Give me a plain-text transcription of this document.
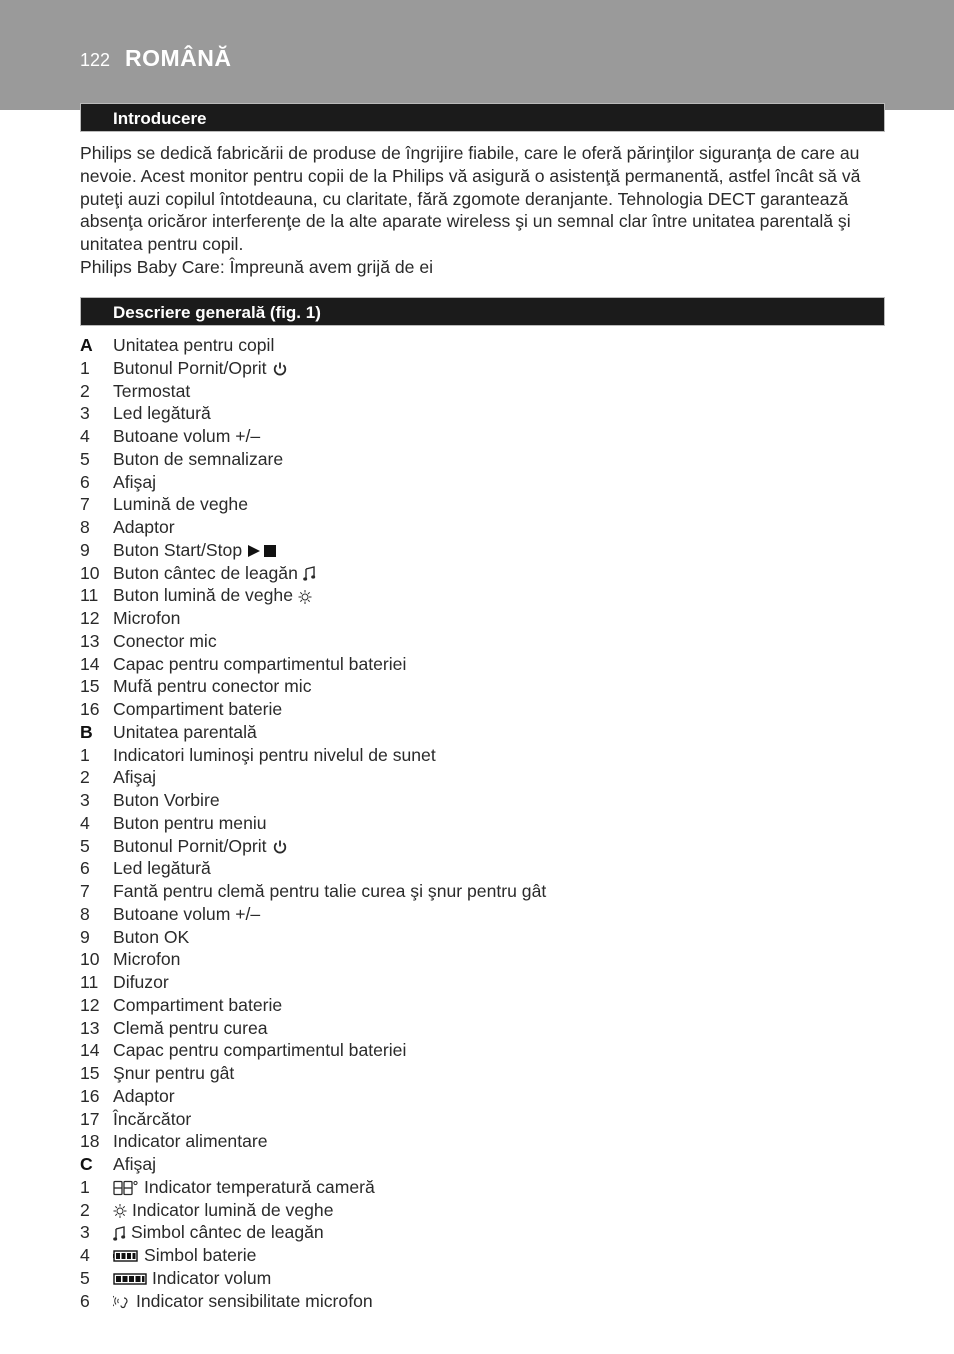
122 ROMÂNĂ
Introducere

Philips se dedică fabricării de produse de îngrijire fiabile, care le oferă părinţilor siguranţa de care au nevoie. Acest monitor pentru copii de la Philips vă asigură o asistenţă permanentă, astfel încât să vă puteţi auzi copilul întotdeauna, cu claritate, fără zgomote deranjante. Tehnologia DECT garantează absenţa oricăror interferenţe de la alte aparate wireless şi un semnal clar între unitatea parentală şi unitatea pentru copil.

Philips Baby Care: Împreună avem grijă de ei

Descriere generală (fig. 1)
A	Unitatea pentru copil
1	Butonul Pornit/Oprit
2	Termostat
3	Led legătură
4	Butoane volum +/–
5	Buton de semnalizare
6	Afişaj
7	Lumină de veghe
8	Adaptor
9	Buton Start/Stop
10 Buton cântec de leagăn
11 Buton lumină de veghe
12 Microfon
13 Conector mic
14 Capac pentru compartimentul bateriei
15 Mufă pentru conector mic
16 Compartiment baterie
B	Unitatea parentală
1	Indicatori luminoşi pentru nivelul de sunet
2	Afişaj
3	Buton Vorbire
4	Buton pentru meniu
5	Butonul Pornit/Oprit
6	Led legătură
7	Fantă pentru clemă pentru talie curea şi şnur pentru gât
8	Butoane volum +/–
9	Buton OK
10 Microfon
11 Difuzor
12 Compartiment baterie
13 Clemă pentru curea
14 Capac pentru compartimentul bateriei
15 Şnur pentru gât
16 Adaptor
17 Încărcător
18 Indicator alimentare
C	Afişaj
1	Indicator temperatură cameră
2	Indicator lumină de veghe
3	Simbol cântec de leagăn
4	Simbol baterie
5	Indicator volum
6	Indicator sensibilitate microfon
